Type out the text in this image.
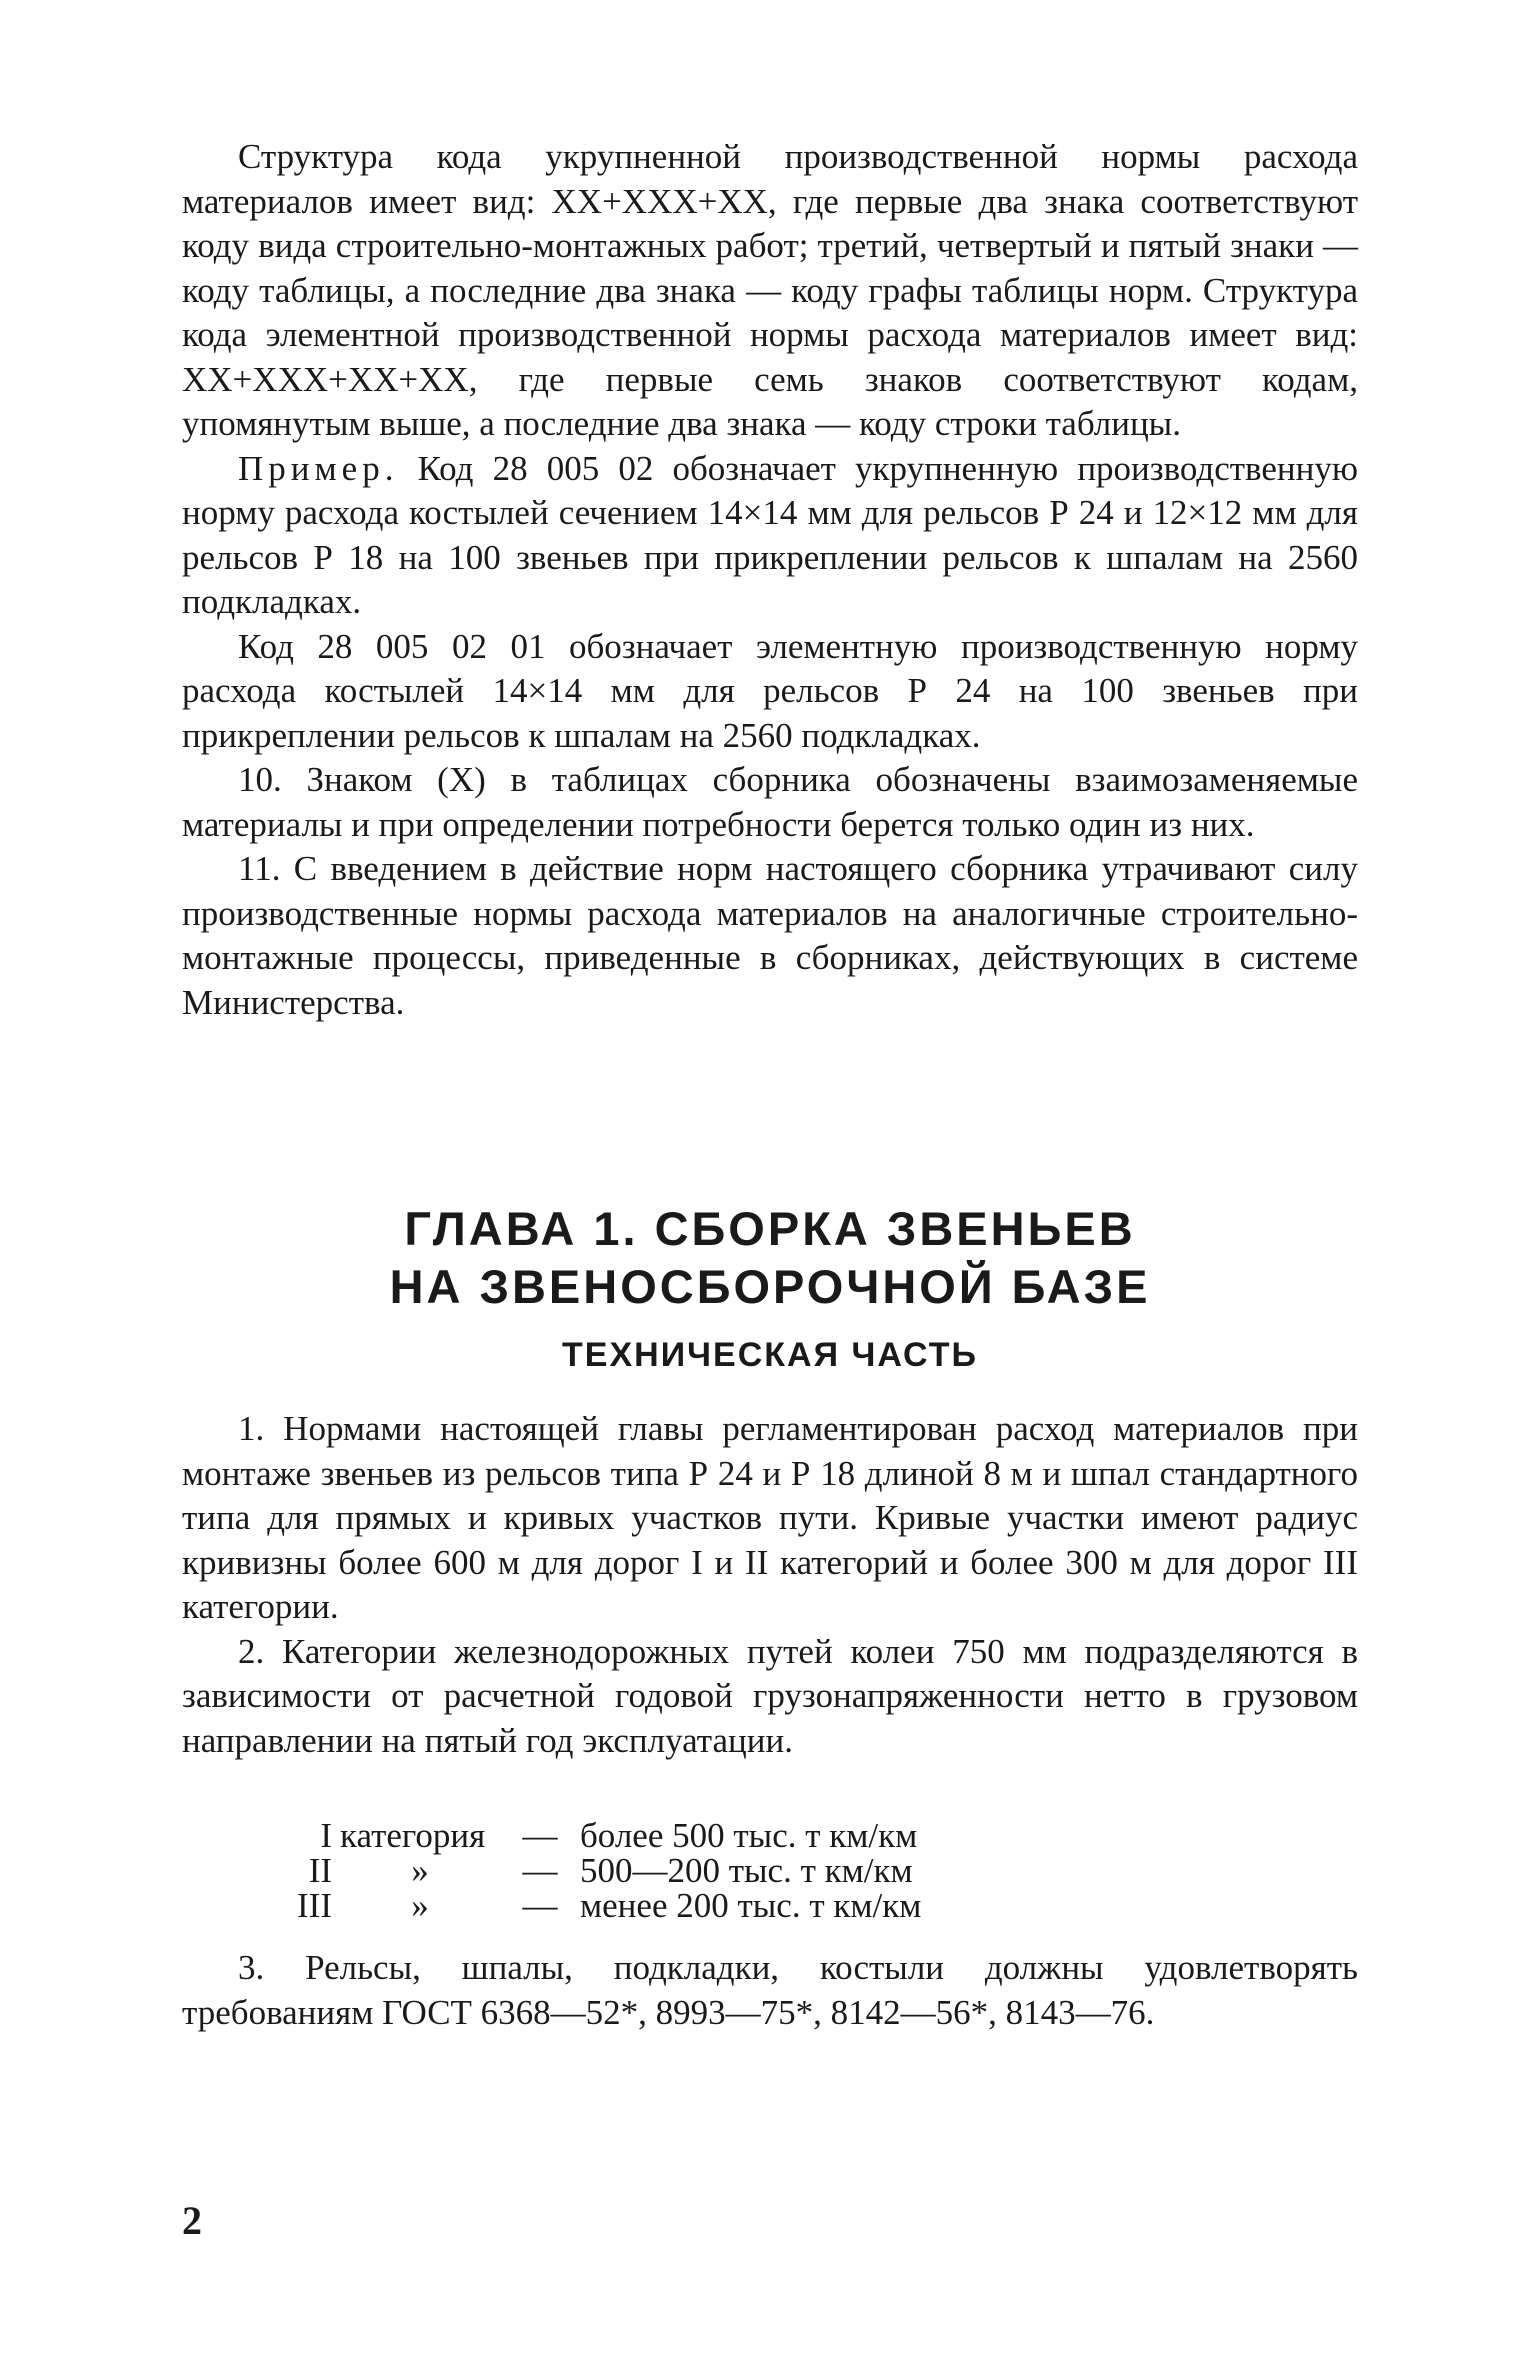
Структура кода укрупненной производственной нормы расхода материалов имеет вид: XX+XXX+XX, где первые два знака соответствуют коду вида строительно-монтажных работ; третий, четвертый и пятый знаки — коду таблицы, а последние два знака — коду графы таблицы норм. Структура кода элементной производственной нормы расхода материалов имеет вид: XX+XXX+XX+XX, где первые семь знаков соответствуют кодам, упомянутым выше, а последние два знака — коду строки таблицы.

Пример. Код 28 005 02 обозначает укрупненную производственную норму расхода костылей сечением 14×14 мм для рельсов Р 24 и 12×12 мм для рельсов Р 18 на 100 звеньев при прикреплении рельсов к шпалам на 2560 подкладках.

Код 28 005 02 01 обозначает элементную производственную норму расхода костылей 14×14 мм для рельсов Р 24 на 100 звеньев при прикреплении рельсов к шпалам на 2560 подкладках.

10. Знаком (X) в таблицах сборника обозначены взаимозаменяемые материалы и при определении потребности берется только один из них.

11. С введением в действие норм настоящего сборника утрачивают силу производственные нормы расхода материалов на аналогичные строительно-монтажные процессы, приведенные в сборниках, действующих в системе Министерства.

ГЛАВА 1. СБОРКА ЗВЕНЬЕВ
НА ЗВЕНОСБОРОЧНОЙ БАЗЕ
ТЕХНИЧЕСКАЯ ЧАСТЬ

1. Нормами настоящей главы регламентирован расход материалов при монтаже звеньев из рельсов типа Р 24 и Р 18 длиной 8 м и шпал стандартного типа для прямых и кривых участков пути. Кривые участки имеют радиус кривизны более 600 м для дорог I и II категорий и более 300 м для дорог III категории.

2. Категории железнодорожных путей колеи 750 мм подразделяются в зависимости от расчетной годовой грузонапряженности нетто в грузовом направлении на пятый год эксплуатации.

I категория	— более 500 тыс. т км/км
II	»	— 500—200 тыс. т км/км
III	»	— менее 200 тыс. т км/км

3. Рельсы, шпалы, подкладки, костыли должны удовлетворять требованиям ГОСТ 6368—52*, 8993—75*, 8142—56*, 8143—76.

2
